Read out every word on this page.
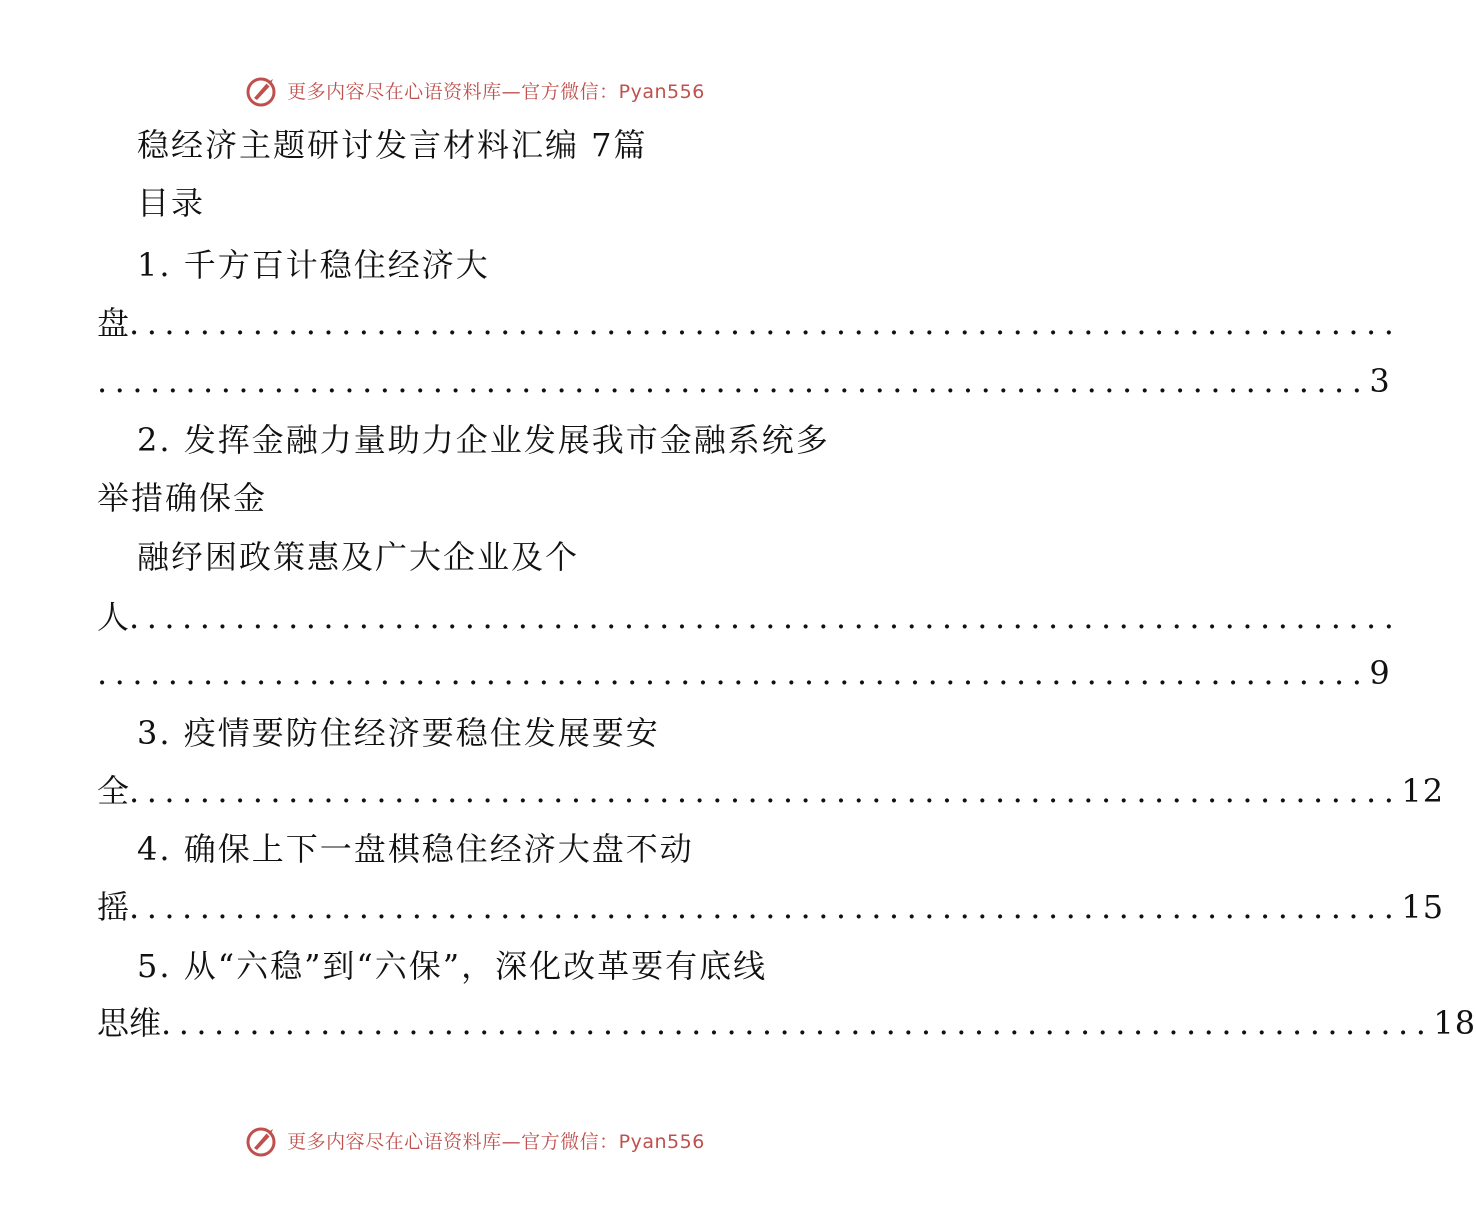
更多内容尽在心语资料库—官方微信：Pyan556
稳经济主题研讨发言材料汇编 7篇
目录
1. 千方百计稳住经济大
盘 ........................................................................
........................................................................ 3
2. 发挥金融力量助力企业发展我市金融系统多
举措确保金
融纾困政策惠及广大企业及个
人 ........................................................................
........................................................................ 9
3. 疫情要防住经济要稳住发展要安
全 ........................................................................ 12
4. 确保上下一盘棋稳住经济大盘不动
摇 ........................................................................ 15
5. 从“六稳”到“六保”，深化改革要有底线
思维 ........................................................................ 18
更多内容尽在心语资料库—官方微信：Pyan556
